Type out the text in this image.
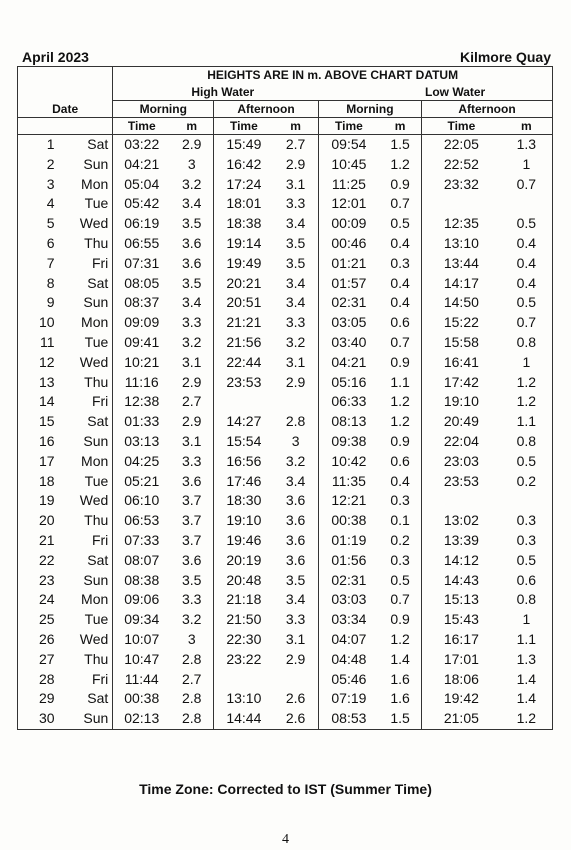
April 2023	Kilmore Quay
Date		HEIGHTS ARE IN m. ABOVE CHART DATUM							
		High Water				Low Water			
		Morning		Afternoon		Morning		Afternoon	
		Time	m	Time	m	Time	m	Time	m
1	Sat	03:22	2.9	15:49	2.7	09:54	1.5	22:05	1.3
2	Sun	04:21	3	16:42	2.9	10:45	1.2	22:52	1
3	Mon	05:04	3.2	17:24	3.1	11:25	0.9	23:32	0.7
4	Tue	05:42	3.4	18:01	3.3	12:01	0.7		
5	Wed	06:19	3.5	18:38	3.4	00:09	0.5	12:35	0.5
6	Thu	06:55	3.6	19:14	3.5	00:46	0.4	13:10	0.4
7	Fri	07:31	3.6	19:49	3.5	01:21	0.3	13:44	0.4
8	Sat	08:05	3.5	20:21	3.4	01:57	0.4	14:17	0.4
9	Sun	08:37	3.4	20:51	3.4	02:31	0.4	14:50	0.5
10	Mon	09:09	3.3	21:21	3.3	03:05	0.6	15:22	0.7
11	Tue	09:41	3.2	21:56	3.2	03:40	0.7	15:58	0.8
12	Wed	10:21	3.1	22:44	3.1	04:21	0.9	16:41	1
13	Thu	11:16	2.9	23:53	2.9	05:16	1.1	17:42	1.2
14	Fri	12:38	2.7			06:33	1.2	19:10	1.2
15	Sat	01:33	2.9	14:27	2.8	08:13	1.2	20:49	1.1
16	Sun	03:13	3.1	15:54	3	09:38	0.9	22:04	0.8
17	Mon	04:25	3.3	16:56	3.2	10:42	0.6	23:03	0.5
18	Tue	05:21	3.6	17:46	3.4	11:35	0.4	23:53	0.2
19	Wed	06:10	3.7	18:30	3.6	12:21	0.3		
20	Thu	06:53	3.7	19:10	3.6	00:38	0.1	13:02	0.3
21	Fri	07:33	3.7	19:46	3.6	01:19	0.2	13:39	0.3
22	Sat	08:07	3.6	20:19	3.6	01:56	0.3	14:12	0.5
23	Sun	08:38	3.5	20:48	3.5	02:31	0.5	14:43	0.6
24	Mon	09:06	3.3	21:18	3.4	03:03	0.7	15:13	0.8
25	Tue	09:34	3.2	21:50	3.3	03:34	0.9	15:43	1
26	Wed	10:07	3	22:30	3.1	04:07	1.2	16:17	1.1
27	Thu	10:47	2.8	23:22	2.9	04:48	1.4	17:01	1.3
28	Fri	11:44	2.7			05:46	1.6	18:06	1.4
29	Sat	00:38	2.8	13:10	2.6	07:19	1.6	19:42	1.4
30	Sun	02:13	2.8	14:44	2.6	08:53	1.5	21:05	1.2
Time Zone: Corrected to IST (Summer Time)
4
